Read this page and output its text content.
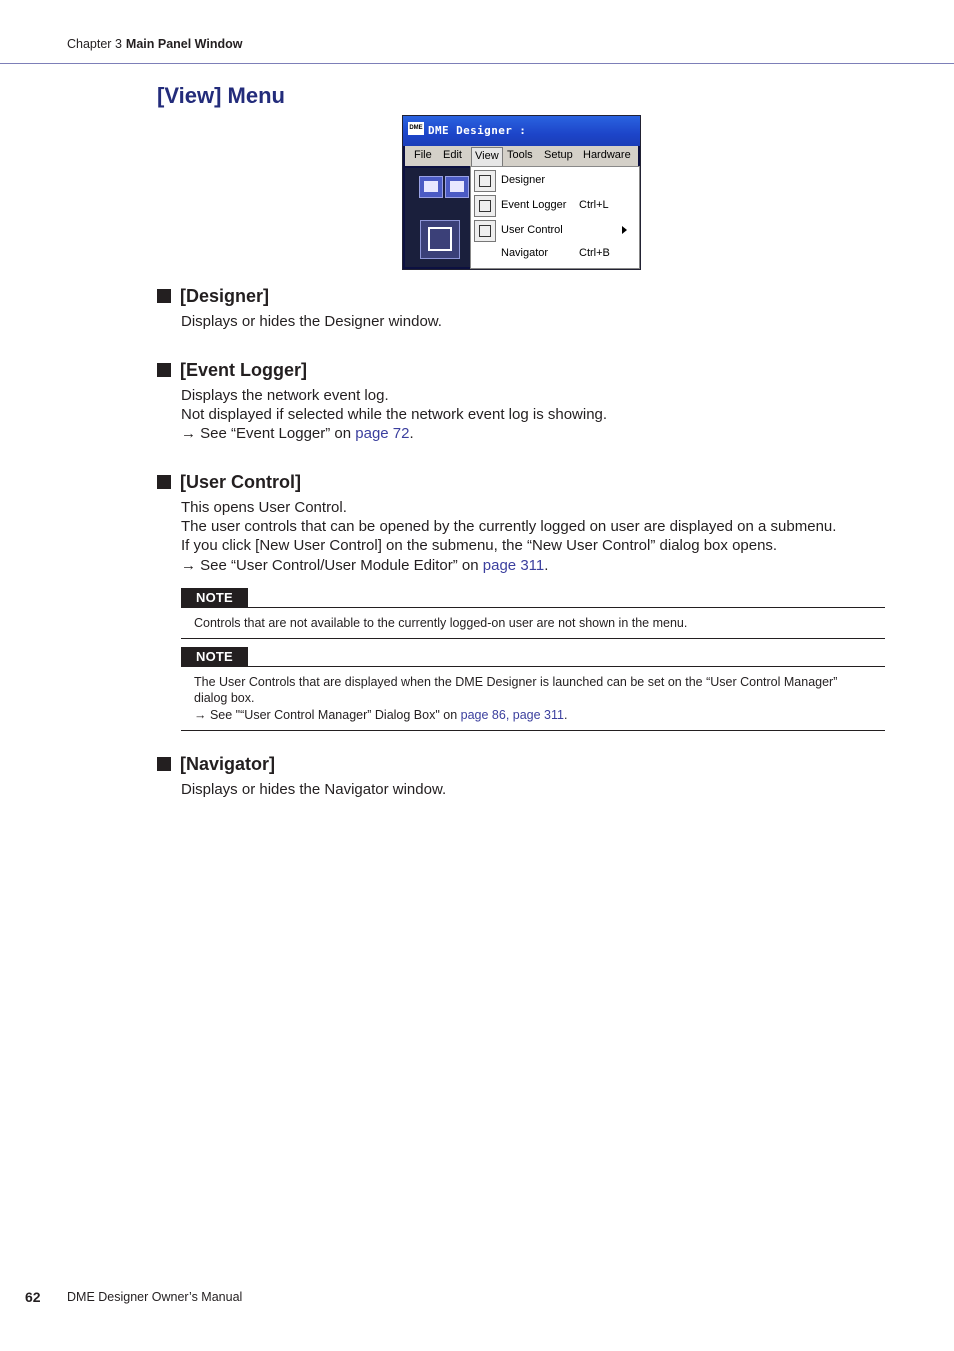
Chapter 3 Main Panel Window
[View] Menu
DME DME Designer :
File Edit	View Tools Setup Hardware
Designer
Event Logger Ctrl+L
User Control
Navigator	Ctrl+B
[Designer]

Displays or hides the Designer window.

[Event Logger]

Displays the network event log.

Not displayed if selected while the network event log is showing.

→ See “Event Logger” on page 72.

[User Control]

This opens User Control.

The user controls that can be opened by the currently logged on user are displayed on a submenu.

If you click [New User Control] on the submenu, the “New User Control” dialog box opens.

→ See “User Control/User Module Editor” on page 311.

NOTE

Controls that are not available to the currently logged-on user are not shown in the menu.

NOTE

The User Controls that are displayed when the DME Designer is launched can be set on the “User Control Manager” dialog box.

→ See "“User Control Manager” Dialog Box" on page 86, page 311.

[Navigator]

Displays or hides the Navigator window.

62 DME Designer Owner’s Manual
